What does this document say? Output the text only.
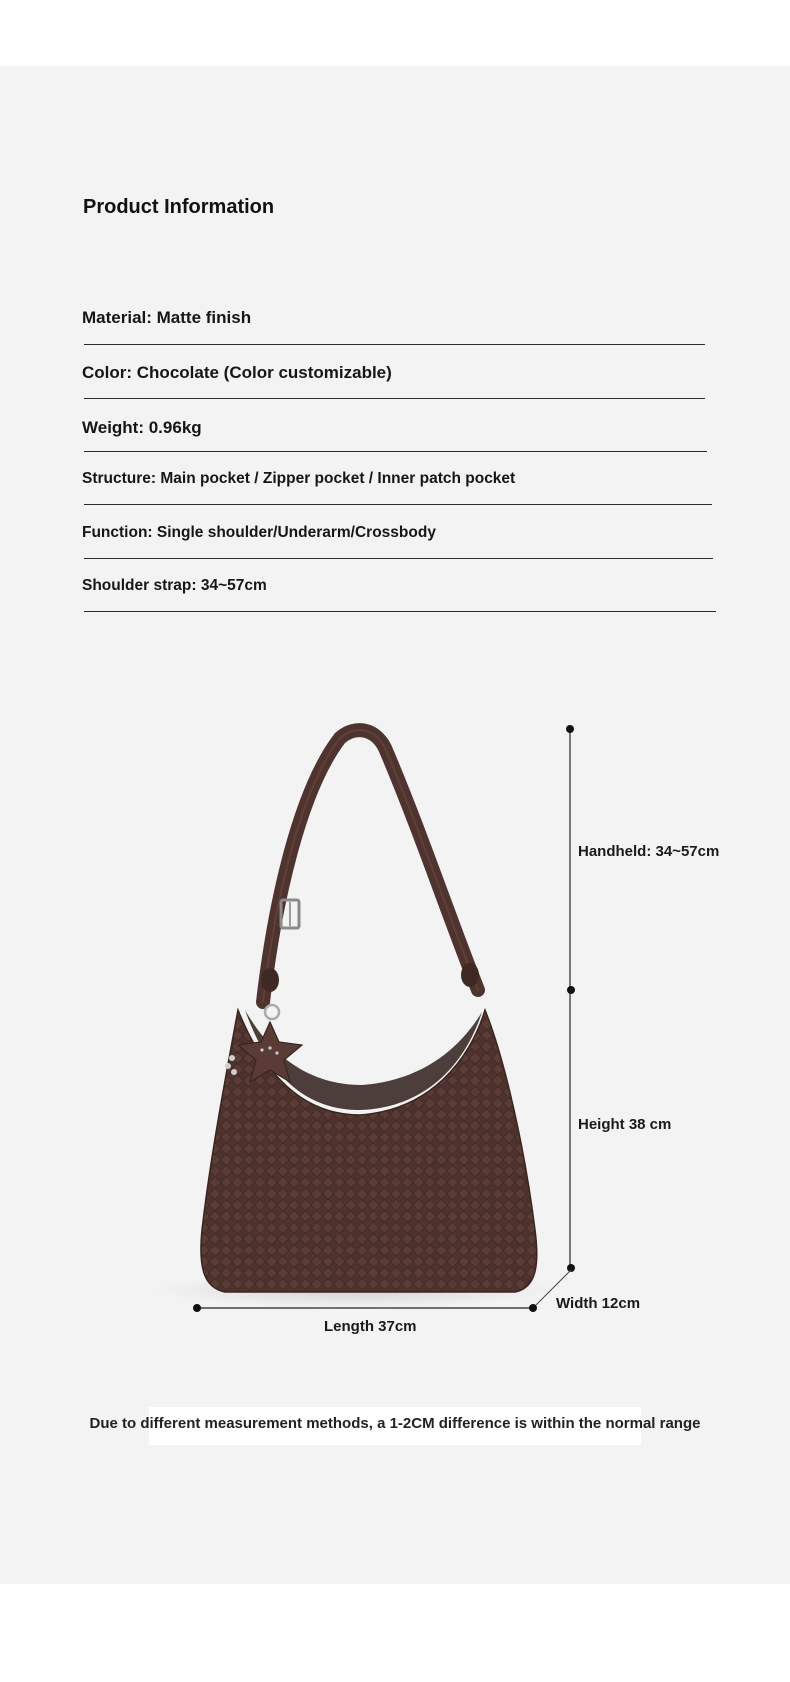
Product Information
Material: Matte finish
Color: Chocolate (Color customizable)
Weight: 0.96kg
Structure: Main pocket / Zipper pocket / Inner patch pocket
Function: Single shoulder/Underarm/Crossbody
Shoulder strap: 34~57cm
Handheld: 34~57cm
Height 38 cm
Width 12cm
Length 37cm
Due to different measurement methods, a 1-2CM difference is within the normal range
